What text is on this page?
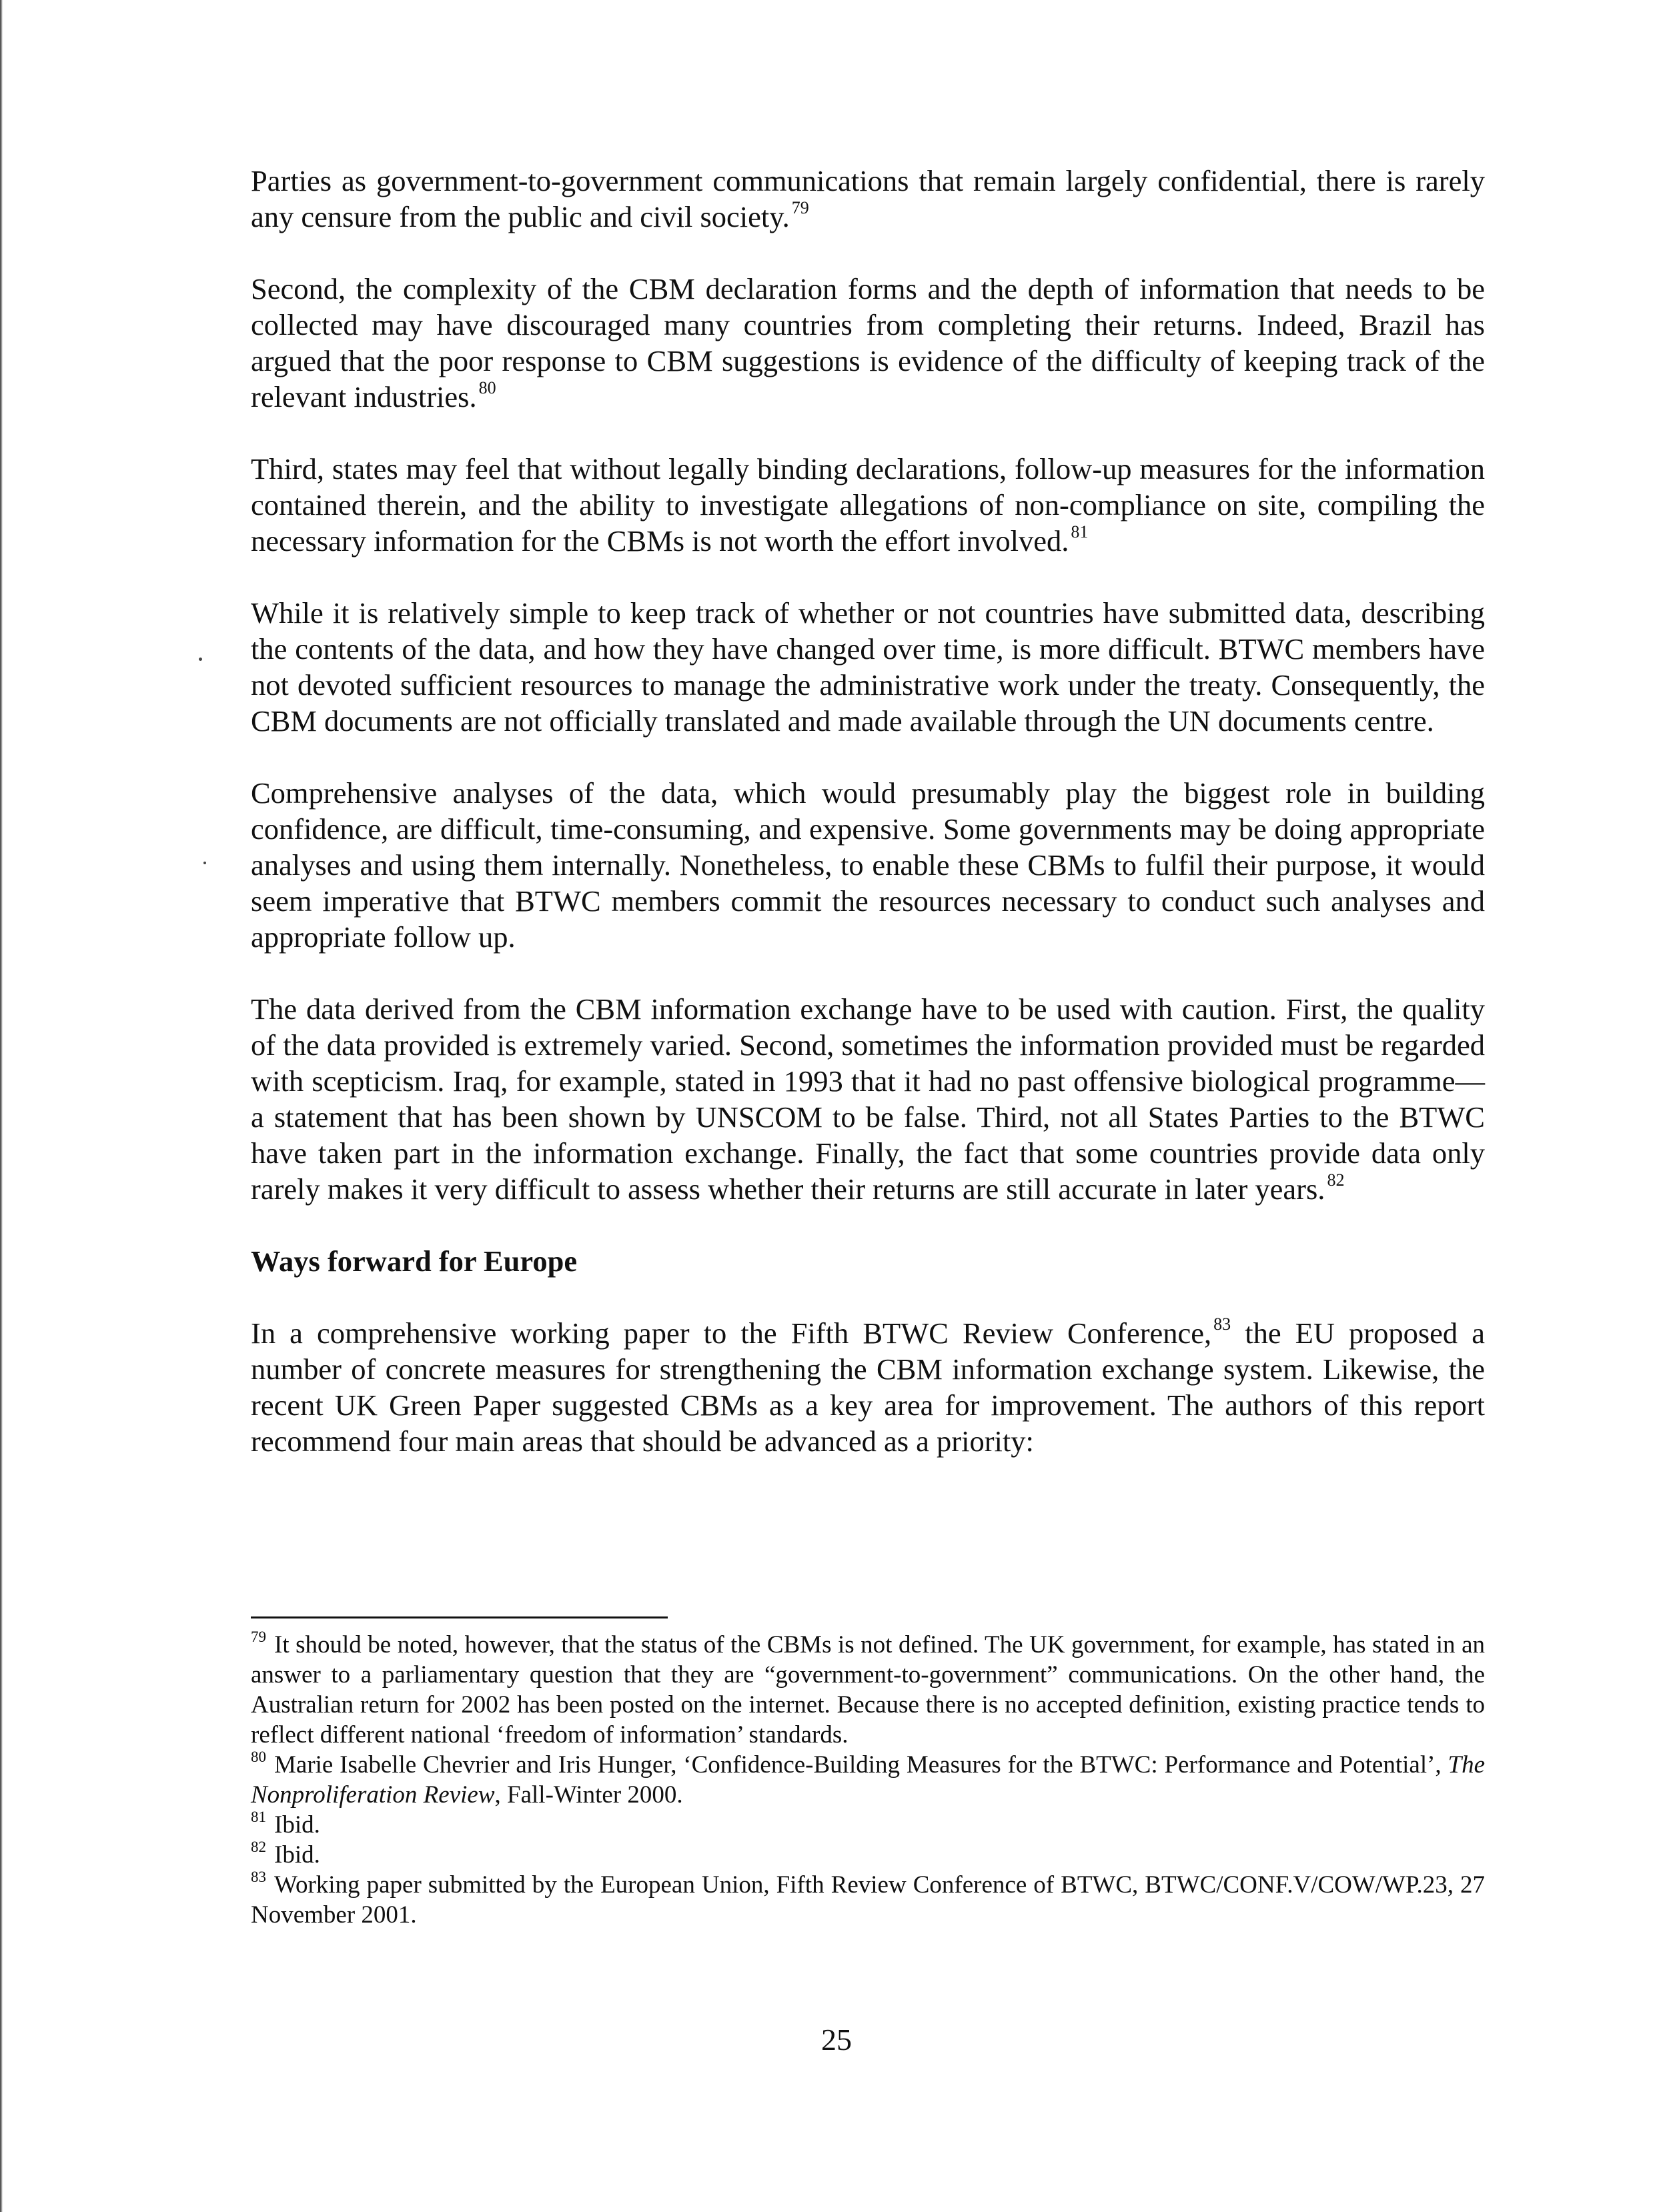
Parties as government-to-government communications that remain largely confidential, there is rarely any censure from the public and civil society. $^{79}$

Second, the complexity of the CBM declaration forms and the depth of information that needs to be collected may have discouraged many countries from completing their returns. Indeed, Brazil has argued that the poor response to CBM suggestions is evidence of the difficulty of keeping track of the relevant industries. $^{80}$

Third, states may feel that without legally binding declarations, follow-up measures for the information contained therein, and the ability to investigate allegations of non-compliance on site, compiling the necessary information for the CBMs is not worth the effort involved. $^{81}$

While it is relatively simple to keep track of whether or not countries have submitted data, describing the contents of the data, and how they have changed over time, is more difficult. BTWC members have not devoted sufficient resources to manage the administrative work under the treaty. Consequently, the CBM documents are not officially translated and made available through the UN documents centre.

Comprehensive analyses of the data, which would presumably play the biggest role in building confidence, are difficult, time-consuming, and expensive. Some governments may be doing appropriate analyses and using them internally. Nonetheless, to enable these CBMs to fulfil their purpose, it would seem imperative that BTWC members commit the resources necessary to conduct such analyses and appropriate follow up.

The data derived from the CBM information exchange have to be used with caution. First, the quality of the data provided is extremely varied. Second, sometimes the information provided must be regarded with scepticism. Iraq, for example, stated in 1993 that it had no past offensive biological programme—a statement that has been shown by UNSCOM to be false. Third, not all States Parties to the BTWC have taken part in the information exchange. Finally, the fact that some countries provide data only rarely makes it very difficult to assess whether their returns are still accurate in later years. $^{82}$

Ways forward for Europe

In a comprehensive working paper to the Fifth BTWC Review Conference, $^{83}$ the EU proposed a number of concrete measures for strengthening the CBM information exchange system. Likewise, the recent UK Green Paper suggested CBMs as a key area for improvement. The authors of this report recommend four main areas that should be advanced as a priority:

$^{79}$ It should be noted, however, that the status of the CBMs is not defined. The UK government, for example, has stated in an answer to a parliamentary question that they are “government-to-government” communications. On the other hand, the Australian return for 2002 has been posted on the internet. Because there is no accepted definition, existing practice tends to reflect different national ‘freedom of information’ standards.

$^{80}$ Marie Isabelle Chevrier and Iris Hunger, ‘Confidence-Building Measures for the BTWC: Performance and Potential’, The Nonproliferation Review, Fall-Winter 2000.

$^{81}$ Ibid.

$^{82}$ Ibid.

$^{83}$ Working paper submitted by the European Union, Fifth Review Conference of BTWC, BTWC/CONF.V/COW/WP.23, 27 November 2001.

25
